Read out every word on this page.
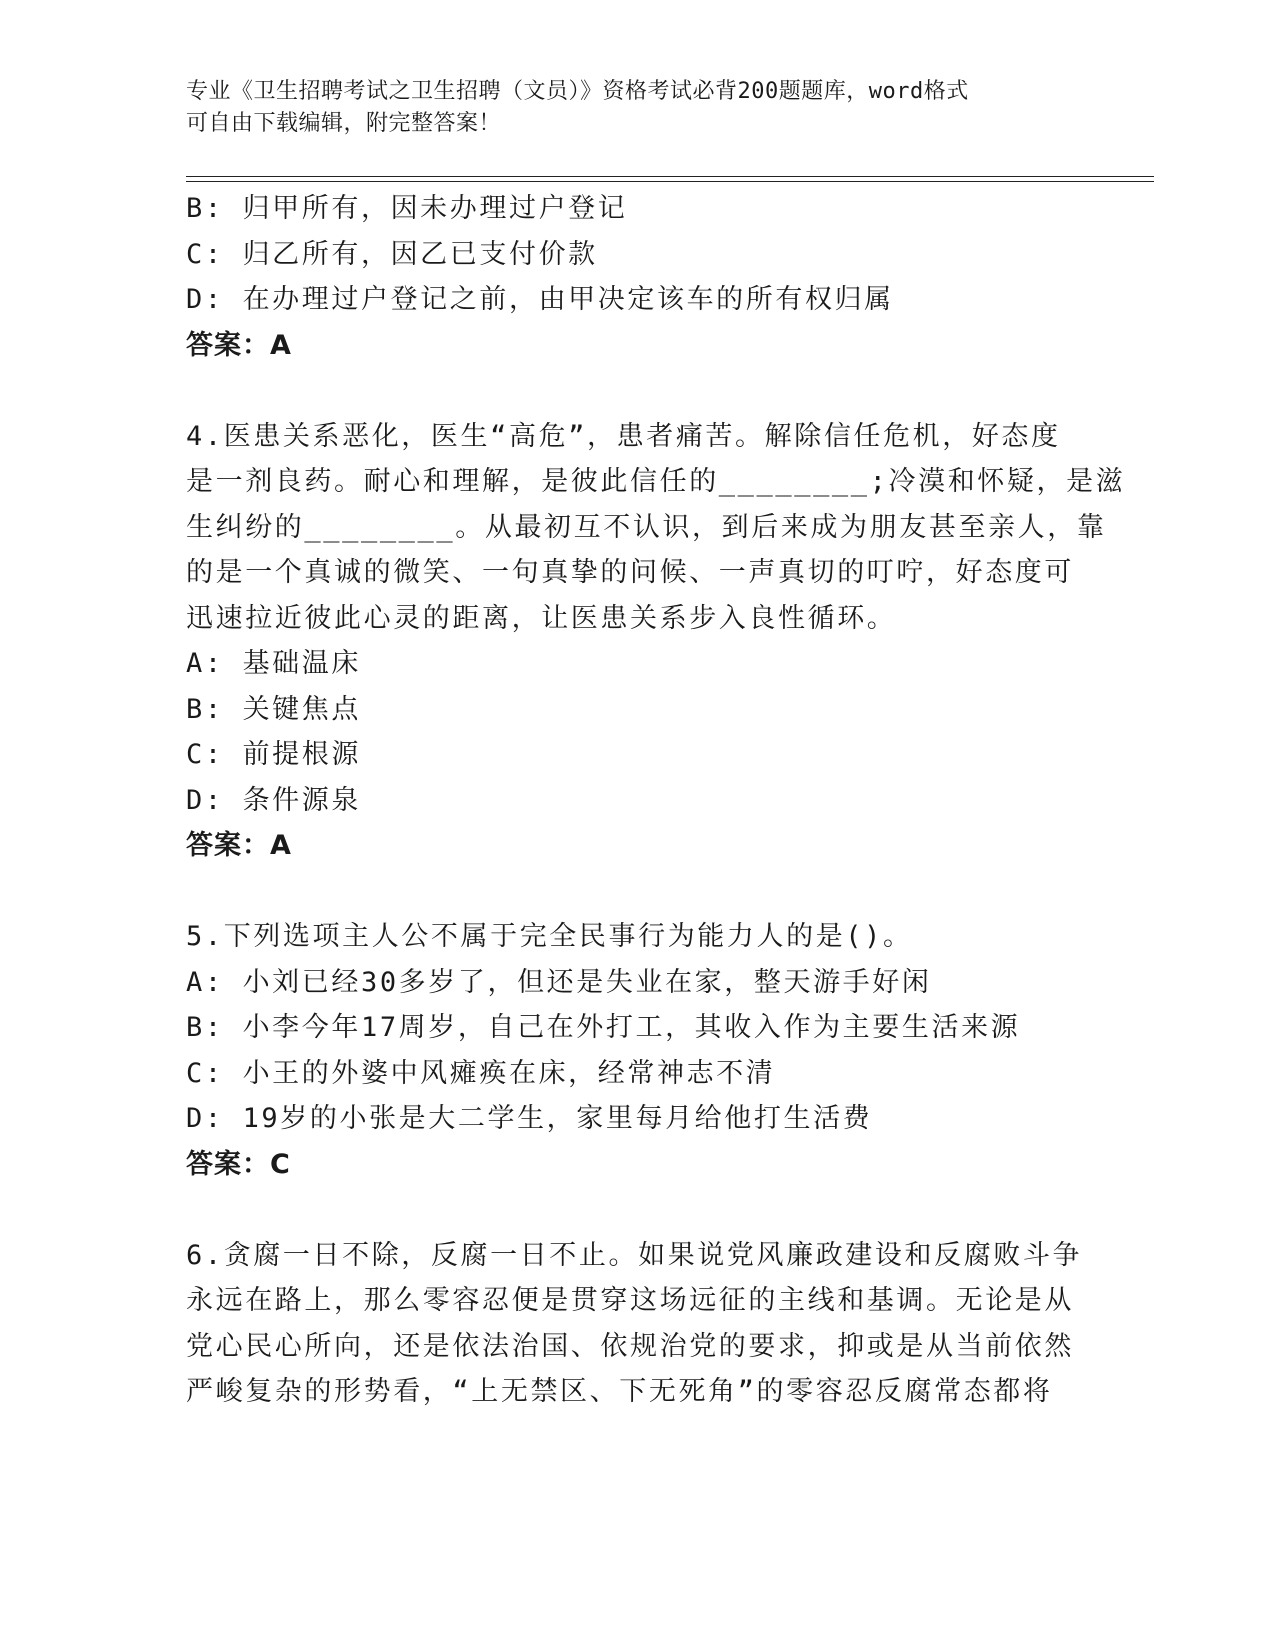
专业《卫生招聘考试之卫生招聘（文员）》资格考试必背200题题库，word格式
可自由下载编辑，附完整答案！
B: 归甲所有，因未办理过户登记
C: 归乙所有，因乙已支付价款
D: 在办理过户登记之前，由甲决定该车的所有权归属
答案：A
4.医患关系恶化，医生“高危”，患者痛苦。解除信任危机，好态度
是一剂良药。耐心和理解，是彼此信任的________;冷漠和怀疑，是滋
生纠纷的________。从最初互不认识，到后来成为朋友甚至亲人，靠
的是一个真诚的微笑、一句真挚的问候、一声真切的叮咛，好态度可
迅速拉近彼此心灵的距离，让医患关系步入良性循环。
A: 基础温床
B: 关键焦点
C: 前提根源
D: 条件源泉
答案：A
5.下列选项主人公不属于完全民事行为能力人的是()。
A: 小刘已经30多岁了，但还是失业在家，整天游手好闲
B: 小李今年17周岁，自己在外打工，其收入作为主要生活来源
C: 小王的外婆中风瘫痪在床，经常神志不清
D: 19岁的小张是大二学生，家里每月给他打生活费
答案：C
6.贪腐一日不除，反腐一日不止。如果说党风廉政建设和反腐败斗争
永远在路上，那么零容忍便是贯穿这场远征的主线和基调。无论是从
党心民心所向，还是依法治国、依规治党的要求，抑或是从当前依然
严峻复杂的形势看，“上无禁区、下无死角”的零容忍反腐常态都将
